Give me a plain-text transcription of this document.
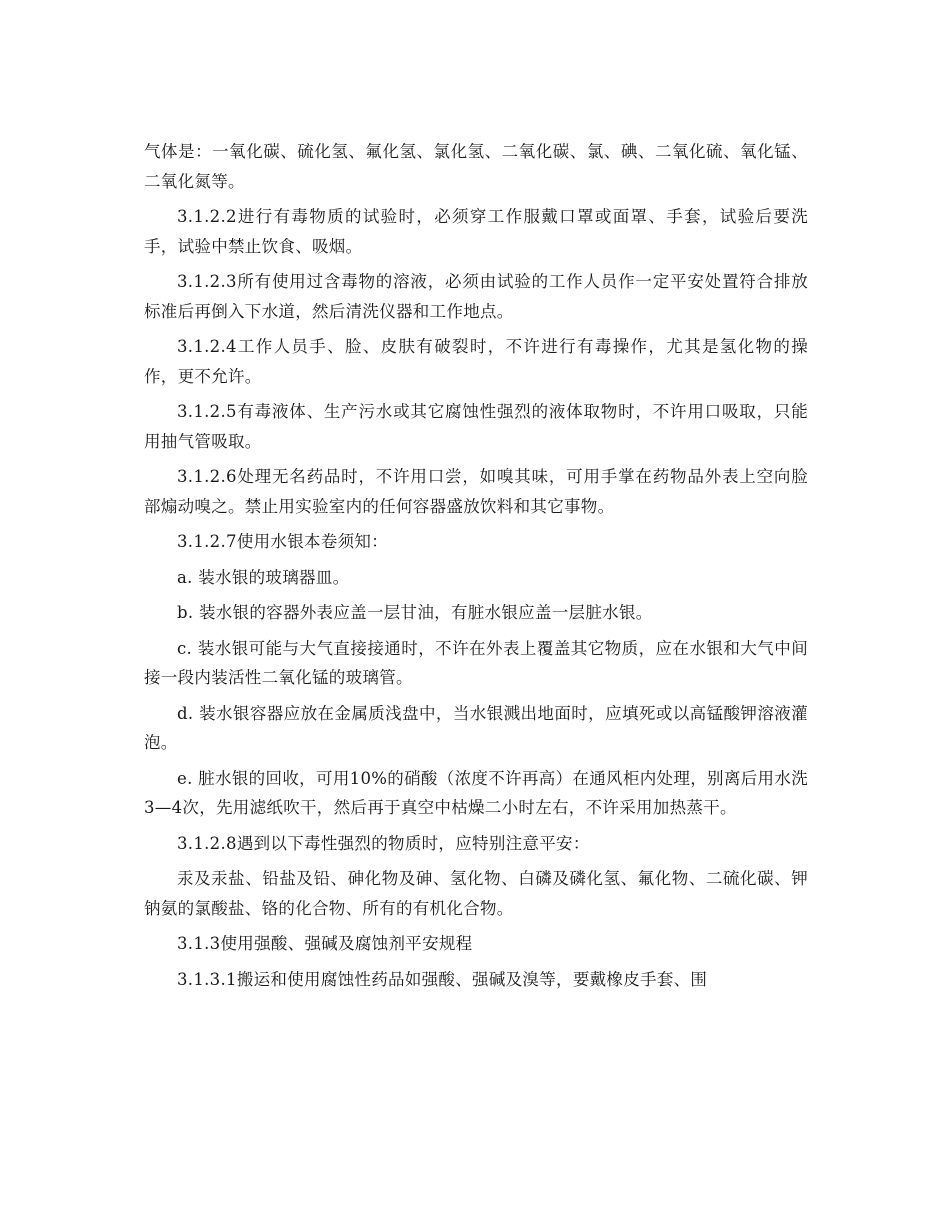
气体是：一氧化碳、硫化氢、氟化氢、氯化氢、二氧化碳、氯、碘、二氧化硫、氧化锰、二氧化氮等。

3.1.2.2进行有毒物质的试验时，必须穿工作服戴口罩或面罩、手套，试验后要洗手，试验中禁止饮食、吸烟。

3.1.2.3所有使用过含毒物的溶液，必须由试验的工作人员作一定平安处置符合排放标准后再倒入下水道，然后清洗仪器和工作地点。

3.1.2.4工作人员手、脸、皮肤有破裂时，不许进行有毒操作，尤其是氢化物的操作，更不允许。

3.1.2.5有毒液体、生产污水或其它腐蚀性强烈的液体取物时，不许用口吸取，只能用抽气管吸取。

3.1.2.6处理无名药品时，不许用口尝，如嗅其味，可用手掌在药物品外表上空向脸部煽动嗅之。禁止用实验室内的任何容器盛放饮料和其它事物。

3.1.2.7使用水银本卷须知：

a. 装水银的玻璃器皿。

b. 装水银的容器外表应盖一层甘油，有脏水银应盖一层脏水银。

c. 装水银可能与大气直接接通时，不许在外表上覆盖其它物质，应在水银和大气中间接一段内装活性二氧化锰的玻璃管。

d. 装水银容器应放在金属质浅盘中，当水银溅出地面时，应填死或以高锰酸钾溶液灌泡。

e. 脏水银的回收，可用10%的硝酸（浓度不许再高）在通风柜内处理，别离后用水洗3—4次，先用滤纸吹干，然后再于真空中枯燥二小时左右，不许采用加热蒸干。

3.1.2.8遇到以下毒性强烈的物质时，应特别注意平安：

汞及汞盐、铅盐及铅、砷化物及砷、氢化物、白磷及磷化氢、氟化物、二硫化碳、钾钠氨的氯酸盐、铬的化合物、所有的有机化合物。

3.1.3使用强酸、强碱及腐蚀剂平安规程

3.1.3.1搬运和使用腐蚀性药品如强酸、强碱及溴等，要戴橡皮手套、围
